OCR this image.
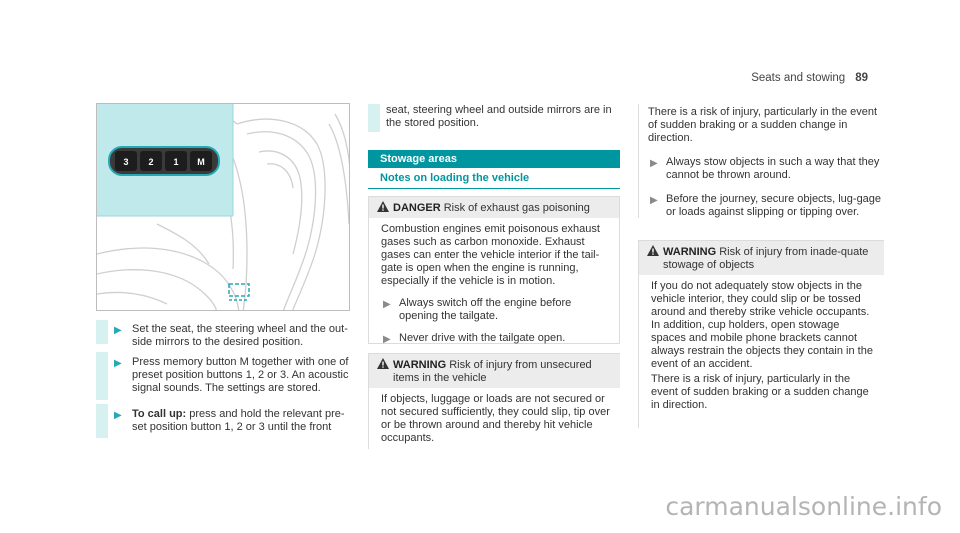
Seats and stowing 89
3 2 1 M
▶ Set the seat, the steering wheel and the out-side mirrors to the desired position.
▶ Press memory button M together with one of preset position buttons 1, 2 or 3. An acoustic signal sounds. The settings are stored.
▶ To call up: press and hold the relevant pre-set position button 1, 2 or 3 until the front
seat, steering wheel and outside mirrors are in the stored position.
Stowage areas
Notes on loading the vehicle
DANGER Risk of exhaust gas poisoning
Combustion engines emit poisonous exhaust gases such as carbon monoxide. Exhaust gases can enter the vehicle interior if the tail-gate is open when the engine is running, especially if the vehicle is in motion.
▶ Always switch off the engine before opening the tailgate.
▶ Never drive with the tailgate open.
WARNING Risk of injury from unsecured items in the vehicle
If objects, luggage or loads are not secured or not secured sufficiently, they could slip, tip over or be thrown around and thereby hit vehicle occupants.
There is a risk of injury, particularly in the event of sudden braking or a sudden change in direction.
▶ Always stow objects in such a way that they cannot be thrown around.
▶ Before the journey, secure objects, lug-gage or loads against slipping or tipping over.
WARNING Risk of injury from inade-quate stowage of objects
If you do not adequately stow objects in the vehicle interior, they could slip or be tossed around and thereby strike vehicle occupants. In addition, cup holders, open stowage spaces and mobile phone brackets cannot always restrain the objects they contain in the event of an accident.
There is a risk of injury, particularly in the event of sudden braking or a sudden change in direction.
carmanualsonline.info
